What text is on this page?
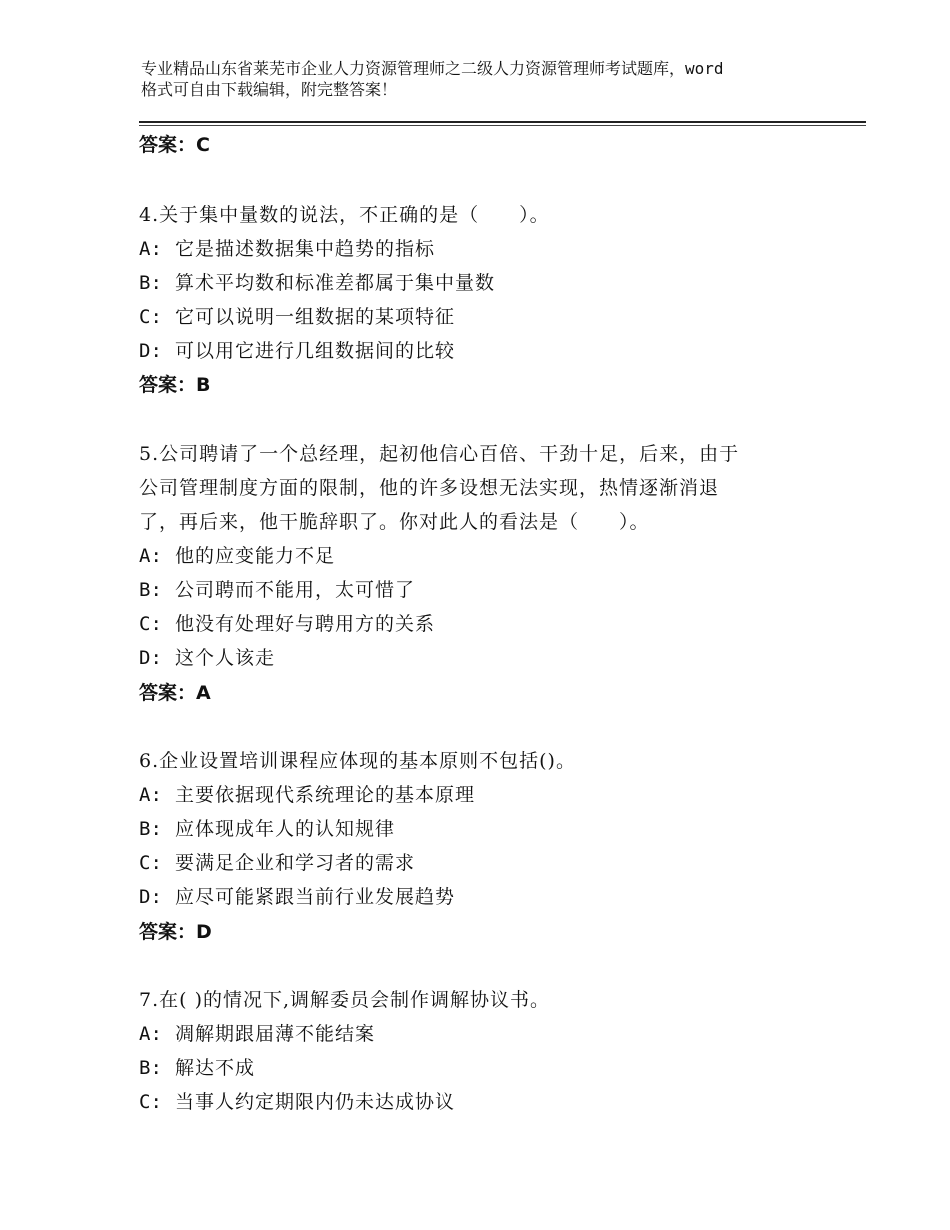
专业精品山东省莱芜市企业人力资源管理师之二级人力资源管理师考试题库，word
格式可自由下载编辑，附完整答案！
答案：C
4.关于集中量数的说法，不正确的是（　　）。
A: 它是描述数据集中趋势的指标
B: 算术平均数和标准差都属于集中量数
C: 它可以说明一组数据的某项特征
D: 可以用它进行几组数据间的比较
答案：B
5.公司聘请了一个总经理，起初他信心百倍、干劲十足，后来，由于
公司管理制度方面的限制，他的许多设想无法实现，热情逐渐消退
了，再后来，他干脆辞职了。你对此人的看法是（　　）。
A: 他的应变能力不足
B: 公司聘而不能用，太可惜了
C: 他没有处理好与聘用方的关系
D: 这个人该走
答案：A
6.企业设置培训课程应体现的基本原则不包括()。
A: 主要依据现代系统理论的基本原理
B: 应体现成年人的认知规律
C: 要满足企业和学习者的需求
D: 应尽可能紧跟当前行业发展趋势
答案：D
7.在( )的情况下,调解委员会制作调解协议书。
A: 凋解期跟届薄不能结案
B: 解达不成
C: 当事人约定期限内仍未达成协议
